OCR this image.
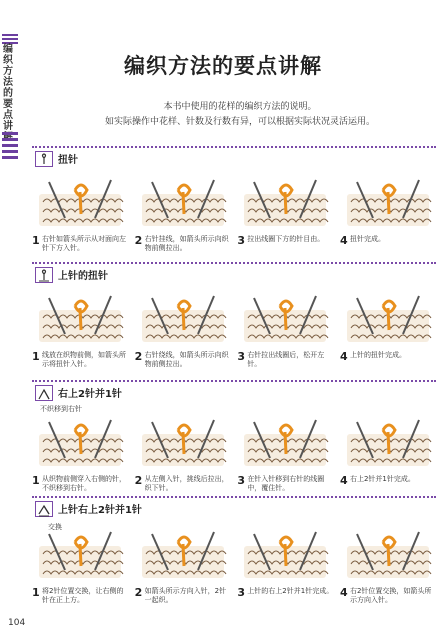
编织方法的要点讲
编织方法的要点讲解
本书中使用的花样的编织方法的说明。
如实际操作中花样、针数及行数有异，可以根据实际状况灵活运用。
扭针
1 右针如箭头所示从对面向左针下方入针。
2 右针挂线，如箭头所示向织物前侧拉出。
3 拉出线圈下方的针目由。 4 扭针完成。
上针的扭针
1 线放在织物前侧，如箭头所示将扭针入针。
2 右针绕线，如箭头所示向织物前侧拉出。
3 右针拉出线圈后，松开左针。
4 上针的扭针完成。
右上2针并1针
不织移到右针
1 从织物前侧穿入右侧的针，不织移到右针。
2 从左侧入针，挑线后拉出，织下针。
3 在针入针移到右针的线圈中，覆住针。
4 右上2针并1针完成。
上针右上2针并1针
交换
1 将2针位置交换，让右侧的针在正上方。
2 如箭头所示方向入针，2针一起织。
3 上针的右上2针并1针完成。 4 右2针位置交换，如箭头所示方向入针。
104
